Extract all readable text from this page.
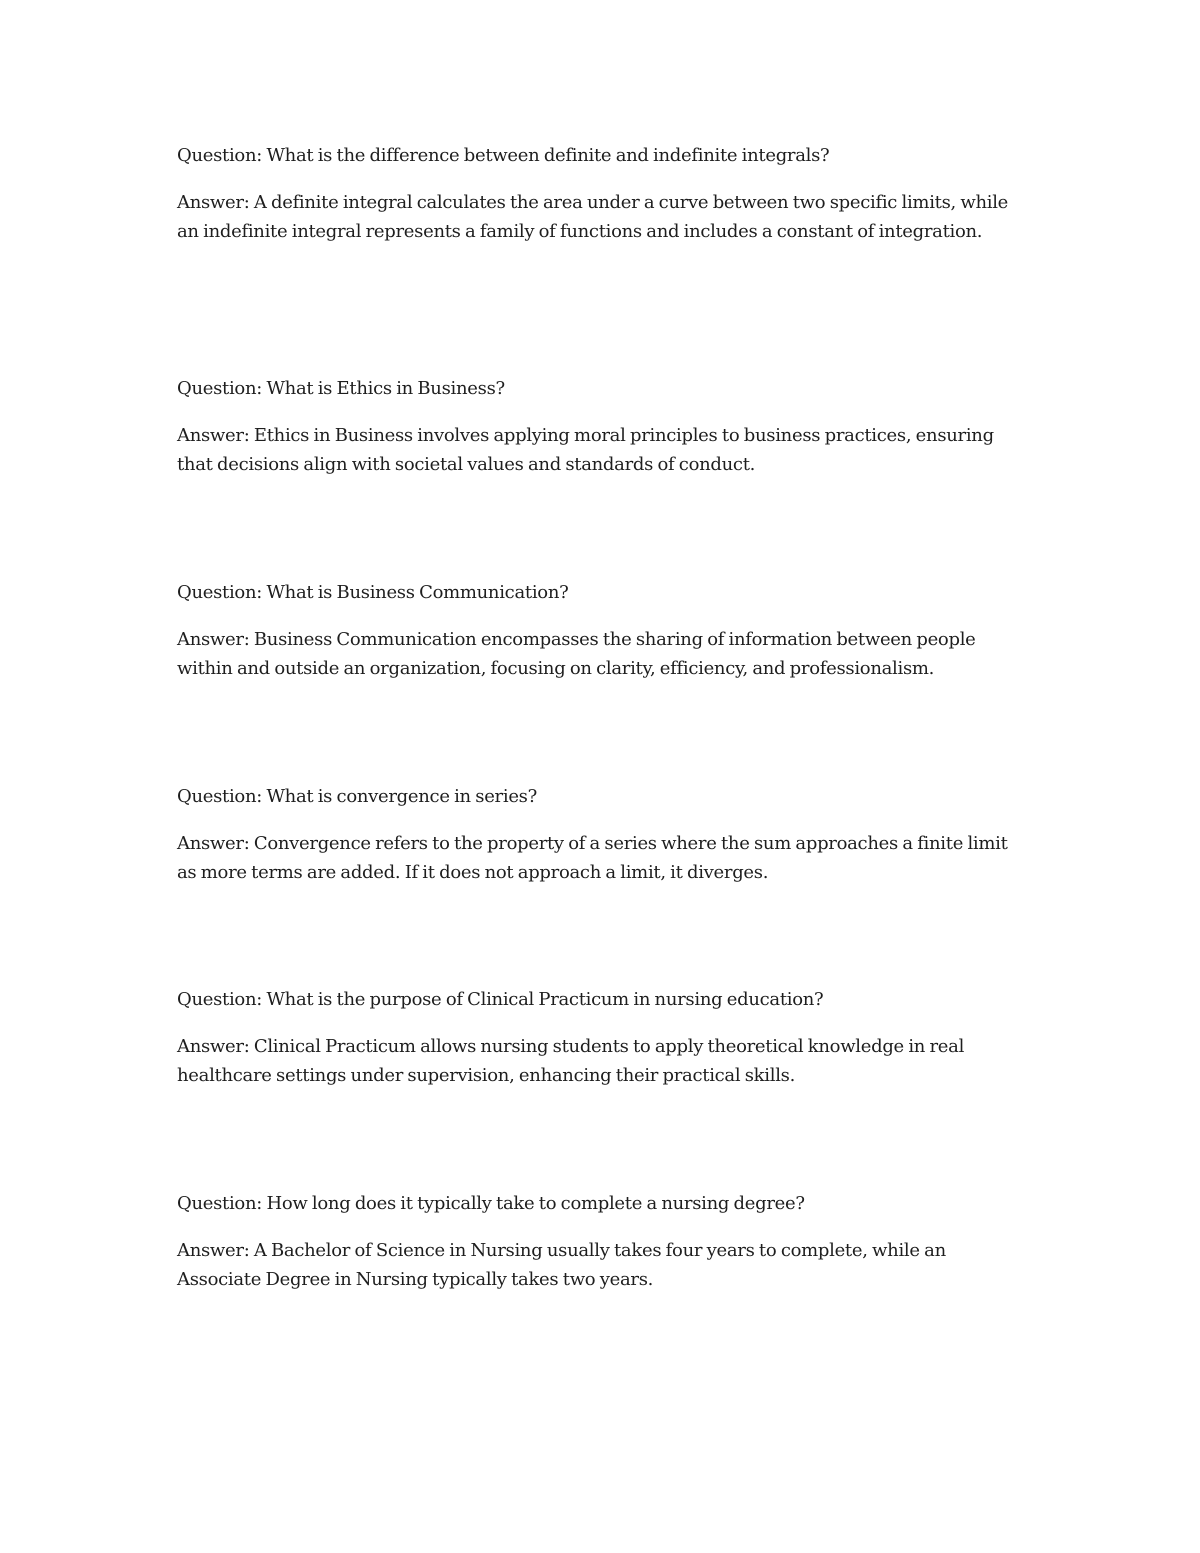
Question: What is the difference between definite and indefinite integrals?

Answer: A definite integral calculates the area under a curve between two specific limits, while an indefinite integral represents a family of functions and includes a constant of integration.

Question: What is Ethics in Business?

Answer: Ethics in Business involves applying moral principles to business practices, ensuring that decisions align with societal values and standards of conduct.

Question: What is Business Communication?

Answer: Business Communication encompasses the sharing of information between people within and outside an organization, focusing on clarity, efficiency, and professionalism.

Question: What is convergence in series?

Answer: Convergence refers to the property of a series where the sum approaches a finite limit as more terms are added. If it does not approach a limit, it diverges.

Question: What is the purpose of Clinical Practicum in nursing education?

Answer: Clinical Practicum allows nursing students to apply theoretical knowledge in real healthcare settings under supervision, enhancing their practical skills.

Question: How long does it typically take to complete a nursing degree?

Answer: A Bachelor of Science in Nursing usually takes four years to complete, while an Associate Degree in Nursing typically takes two years.
